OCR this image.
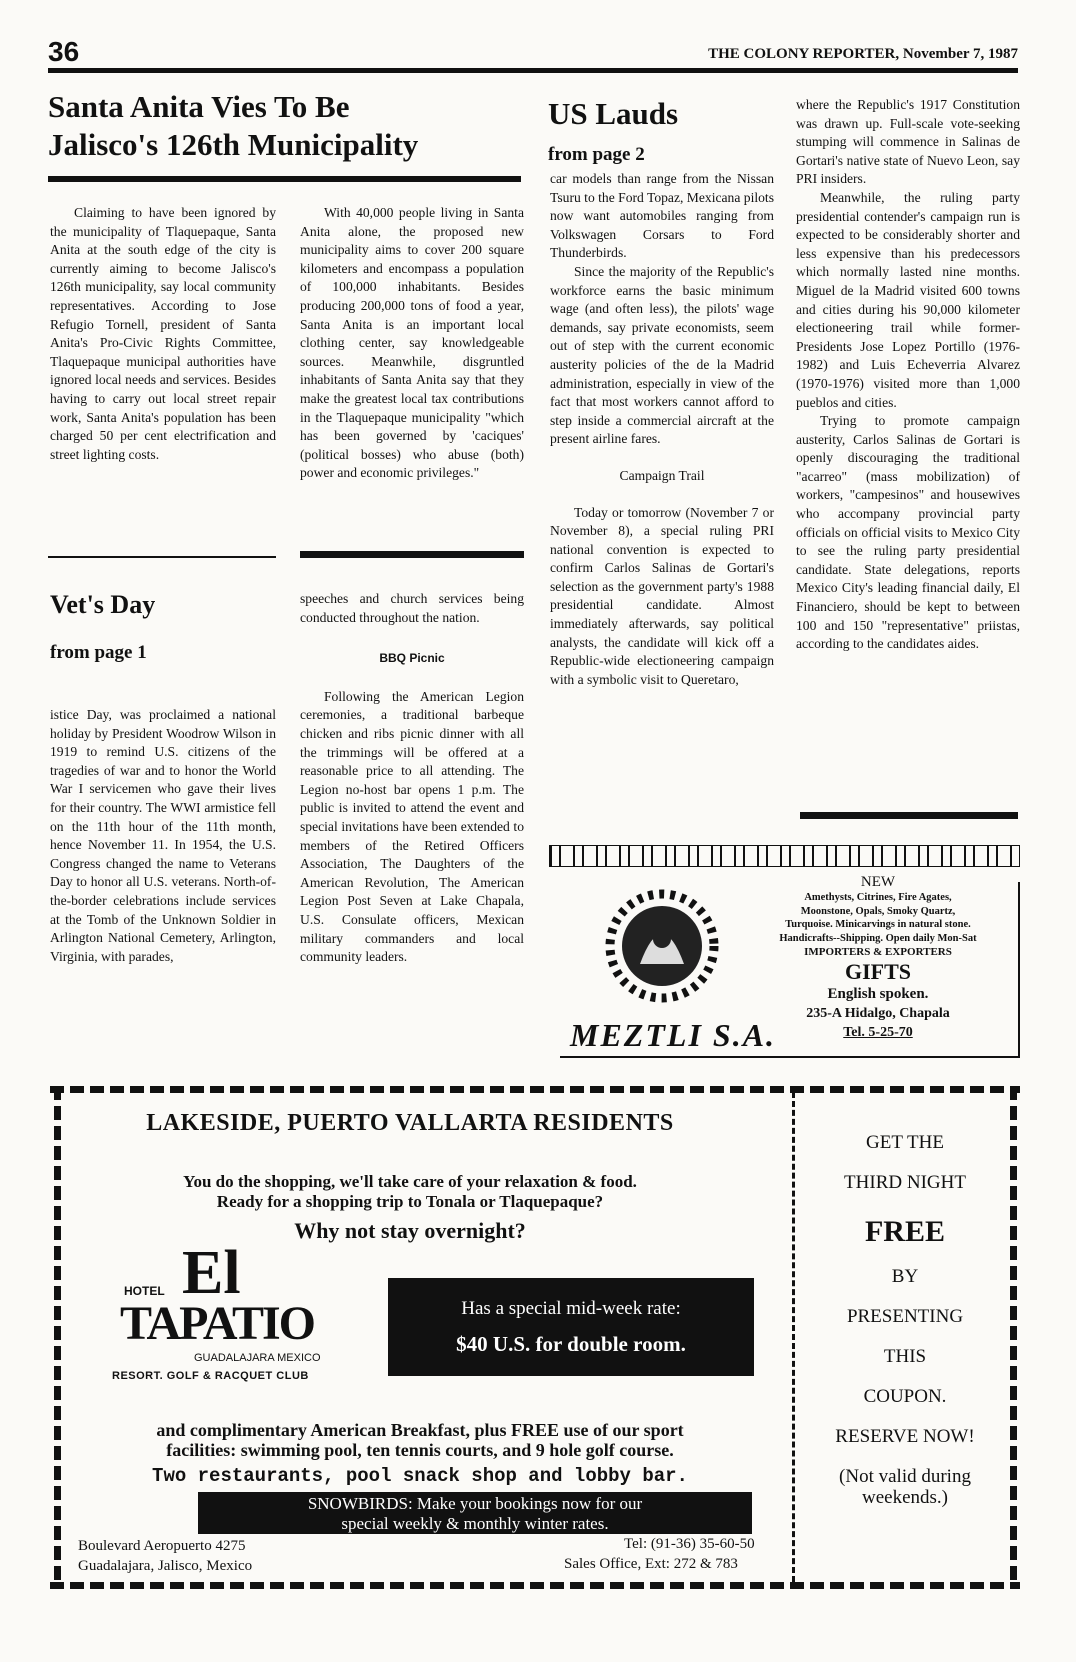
36	THE COLONY REPORTER, November 7, 1987
Santa Anita Vies To Be
Jalisco's 126th Municipality

Claiming to have been ignored by the municipality of Tlaquepaque, Santa Anita at the south edge of the city is currently aiming to become Jalisco's 126th municipality, say local community representatives. According to Jose Refugio Tornell, president of Santa Anita's Pro-Civic Rights Committee, Tlaquepaque municipal authorities have ignored local needs and services. Besides having to carry out local street repair work, Santa Anita's population has been charged 50 per cent electrification and street lighting costs.

With 40,000 people living in Santa Anita alone, the proposed new municipality aims to cover 200 square kilometers and encompass a population of 100,000 inhabitants. Besides producing 200,000 tons of food a year, Santa Anita is an important local clothing center, say knowledgeable sources. Meanwhile, disgruntled inhabitants of Santa Anita say that they make the greatest local tax contributions in the Tlaquepaque municipality "which has been governed by 'caciques' (political bosses) who abuse (both) power and economic privileges."

Vet's Day
from page 1

istice Day, was proclaimed a national holiday by President Woodrow Wilson in 1919 to remind U.S. citizens of the tragedies of war and to honor the World War I servicemen who gave their lives for their country. The WWI armistice fell on the 11th hour of the 11th month, hence November 11. In 1954, the U.S. Congress changed the name to Veterans Day to honor all U.S. veterans. North-of-the-border celebrations include services at the Tomb of the Unknown Soldier in Arlington National Cemetery, Arlington, Virginia, with parades,

speeches and church services being conducted throughout the nation.

BBQ Picnic

Following the American Legion ceremonies, a traditional barbeque chicken and ribs picnic dinner with all the trimmings will be offered at a reasonable price to all attending. The Legion no-host bar opens 1 p.m. The public is invited to attend the event and special invitations have been extended to members of the Retired Officers Association, The Daughters of the American Revolution, The American Legion Post Seven at Lake Chapala, U.S. Consulate officers, Mexican military commanders and local community leaders.

US Lauds
from page 2

car models than range from the Nissan Tsuru to the Ford Topaz, Mexicana pilots now want automobiles ranging from Volkswagen Corsars to Ford Thunderbirds.

Since the majority of the Republic's workforce earns the basic minimum wage (and often less), the pilots' wage demands, say private economists, seem out of step with the current economic austerity policies of the de la Madrid administration, especially in view of the fact that most workers cannot afford to step inside a commercial aircraft at the present airline fares.

Campaign Trail

Today or tomorrow (November 7 or November 8), a special ruling PRI national convention is expected to confirm Carlos Salinas de Gortari's selection as the government party's 1988 presidential candidate. Almost immediately afterwards, say political analysts, the candidate will kick off a Republic-wide electioneering campaign with a symbolic visit to Queretaro,

where the Republic's 1917 Constitution was drawn up. Full-scale vote-seeking stumping will commence in Salinas de Gortari's native state of Nuevo Leon, say PRI insiders.

Meanwhile, the ruling party presidential contender's campaign run is expected to be considerably shorter and less expensive than his predecessors which normally lasted nine months. Miguel de la Madrid visited 600 towns and cities during his 90,000 kilometer electioneering trail while former-Presidents Jose Lopez Portillo (1976-1982) and Luis Echeverria Alvarez (1970-1976) visited more than 1,000 pueblos and cities.

Trying to promote campaign austerity, Carlos Salinas de Gortari is openly discouraging the traditional "acarreo" (mass mobilization) of workers, "campesinos" and housewives who accompany provincial party officials on official visits to Mexico City to see the ruling party presidential candidate. State delegations, reports Mexico City's leading financial daily, El Financiero, should be kept to between 100 and 150 "representative" priistas, according to the candidates aides.

MEZTLI S.A.
NEW
Amethysts, Citrines, Fire Agates,
Moonstone, Opals, Smoky Quartz,
Turquoise. Minicarvings in natural stone.
Handicrafts--Shipping. Open daily Mon-Sat
IMPORTERS & EXPORTERS
GIFTS
English spoken.
235-A Hidalgo, Chapala
Tel. 5-25-70
LAKESIDE, PUERTO VALLARTA RESIDENTS
You do the shopping, we'll take care of your relaxation & food.
Ready for a shopping trip to Tonala or Tlaquepaque?
Why not stay overnight?
HOTEL El
TAPATIO
GUADALAJARA MEXICO
RESORT. GOLF & RACQUET CLUB
Has a special mid-week rate:
$40 U.S. for double room.
and complimentary American Breakfast, plus FREE use of our sport
facilities: swimming pool, ten tennis courts, and 9 hole golf course.
Two restaurants, pool snack shop and lobby bar.
SNOWBIRDS: Make your bookings now for our
special weekly & monthly winter rates.
Boulevard Aeropuerto 4275
Guadalajara, Jalisco, Mexico
Tel: (91-36) 35-60-50
Sales Office, Ext: 272 & 783
GET THE
THIRD NIGHT
FREE
BY
PRESENTING
THIS
COUPON.
RESERVE NOW!
(Not valid during
weekends.)
